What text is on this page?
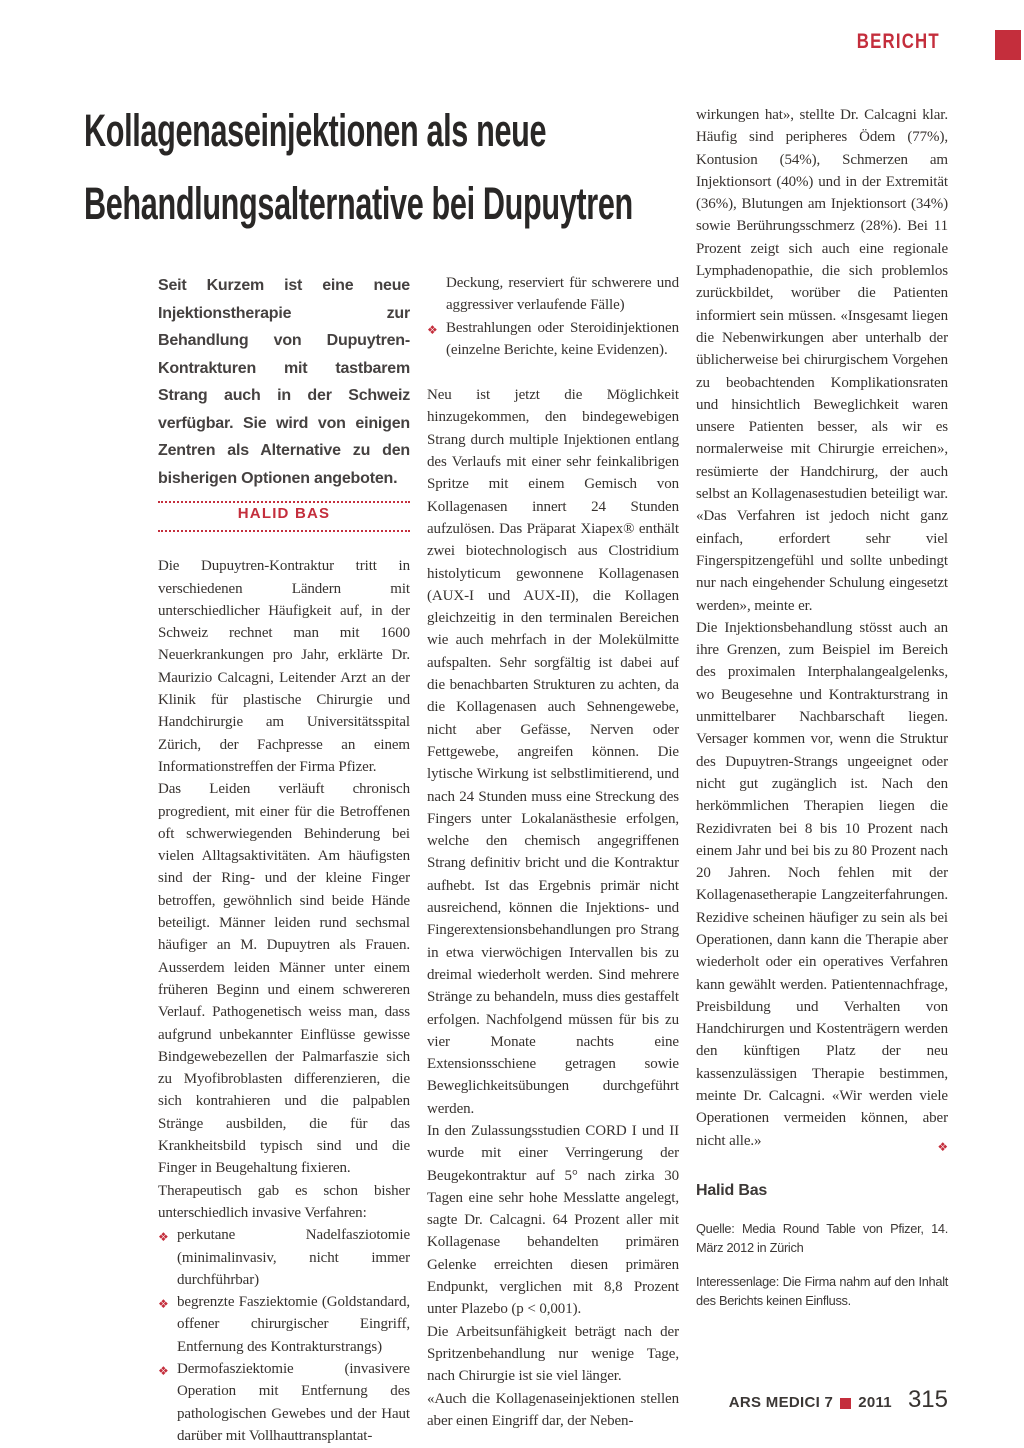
BERICHT
Kollagenaseinjektionen als neue
Behandlungsalternative bei Dupuytren

Seit Kurzem ist eine neue Injektionstherapie zur Behandlung von Dupuytren-Kontrakturen mit tastbarem Strang auch in der Schweiz verfügbar. Sie wird von einigen Zentren als Alternative zu den bisherigen Optionen angeboten.

HALID BAS

Die Dupuytren-Kontraktur tritt in verschiedenen Ländern mit unterschiedlicher Häufigkeit auf, in der Schweiz rechnet man mit 1600 Neuerkrankungen pro Jahr, erklärte Dr. Maurizio Calcagni, Leitender Arzt an der Klinik für plastische Chirurgie und Handchirurgie am Universitätsspital Zürich, der Fachpresse an einem Informationstreffen der Firma Pfizer.

Das Leiden verläuft chronisch progredient, mit einer für die Betroffenen oft schwerwiegenden Behinderung bei vielen Alltagsaktivitäten. Am häufigsten sind der Ring- und der kleine Finger betroffen, gewöhnlich sind beide Hände beteiligt. Männer leiden rund sechsmal häufiger an M. Dupuytren als Frauen. Ausserdem leiden Männer unter einem früheren Beginn und einem schwereren Verlauf. Pathogenetisch weiss man, dass aufgrund unbekannter Einflüsse gewisse Bindgewebezellen der Palmarfaszie sich zu Myofibroblasten differenzieren, die sich kontrahieren und die palpablen Stränge ausbilden, die für das Krankheitsbild typisch sind und die Finger in Beugehaltung fixieren.

Therapeutisch gab es schon bisher unterschiedlich invasive Verfahren:

❖ perkutane Nadelfasziotomie (minimalinvasiv, nicht immer durchführbar)
❖ begrenzte Fasziektomie (Goldstandard, offener chirurgischer Eingriff, Entfernung des Kontrakturstrangs)
❖ Dermofasziektomie (invasivere Operation mit Entfernung des pathologischen Gewebes und der Haut darüber mit Vollhauttransplantat-

Deckung, reserviert für schwerere und aggressiver verlaufende Fälle)

❖ Bestrahlungen oder Steroidinjektionen (einzelne Berichte, keine Evidenzen).

Neu ist jetzt die Möglichkeit hinzugekommen, den bindegewebigen Strang durch multiple Injektionen entlang des Verlaufs mit einer sehr feinkalibrigen Spritze mit einem Gemisch von Kollagenasen innert 24 Stunden aufzulösen. Das Präparat Xiapex® enthält zwei biotechnologisch aus Clostridium histolyticum gewonnene Kollagenasen (AUX-I und AUX-II), die Kollagen gleichzeitig in den terminalen Bereichen wie auch mehrfach in der Molekülmitte aufspalten. Sehr sorgfältig ist dabei auf die benachbarten Strukturen zu achten, da die Kollagenasen auch Sehnengewebe, nicht aber Gefässe, Nerven oder Fettgewebe, angreifen können. Die lytische Wirkung ist selbstlimitierend, und nach 24 Stunden muss eine Streckung des Fingers unter Lokalanästhesie erfolgen, welche den chemisch angegriffenen Strang definitiv bricht und die Kontraktur aufhebt. Ist das Ergebnis primär nicht ausreichend, können die Injektions- und Fingerextensionsbehandlungen pro Strang in etwa vierwöchigen Intervallen bis zu dreimal wiederholt werden. Sind mehrere Stränge zu behandeln, muss dies gestaffelt erfolgen. Nachfolgend müssen für bis zu vier Monate nachts eine Extensionsschiene getragen sowie Beweglichkeitsübungen durchgeführt werden.

In den Zulassungsstudien CORD I und II wurde mit einer Verringerung der Beugekontraktur auf 5° nach zirka 30 Tagen eine sehr hohe Messlatte angelegt, sagte Dr. Calcagni. 64 Prozent aller mit Kollagenase behandelten primären Gelenke erreichten diesen primären Endpunkt, verglichen mit 8,8 Prozent unter Plazebo (p < 0,001).

Die Arbeitsunfähigkeit beträgt nach der Spritzenbehandlung nur wenige Tage, nach Chirurgie ist sie viel länger.

«Auch die Kollagenaseinjektionen stellen aber einen Eingriff dar, der Neben-

wirkungen hat», stellte Dr. Calcagni klar. Häufig sind peripheres Ödem (77%), Kontusion (54%), Schmerzen am Injektionsort (40%) und in der Extremität (36%), Blutungen am Injektionsort (34%) sowie Berührungsschmerz (28%). Bei 11 Prozent zeigt sich auch eine regionale Lymphadenopathie, die sich problemlos zurückbildet, worüber die Patienten informiert sein müssen. «Insgesamt liegen die Nebenwirkungen aber unterhalb der üblicherweise bei chirurgischem Vorgehen zu beobachtenden Komplikationsraten und hinsichtlich Beweglichkeit waren unsere Patienten besser, als wir es normalerweise mit Chirurgie erreichen», resümierte der Handchirurg, der auch selbst an Kollagenasestudien beteiligt war. «Das Verfahren ist jedoch nicht ganz einfach, erfordert sehr viel Fingerspitzengefühl und sollte unbedingt nur nach eingehender Schulung eingesetzt werden», meinte er.

Die Injektionsbehandlung stösst auch an ihre Grenzen, zum Beispiel im Bereich des proximalen Interphalangealgelenks, wo Beugesehne und Kontrakturstrang in unmittelbarer Nachbarschaft liegen. Versager kommen vor, wenn die Struktur des Dupuytren-Strangs ungeeignet oder nicht gut zugänglich ist. Nach den herkömmlichen Therapien liegen die Rezidivraten bei 8 bis 10 Prozent nach einem Jahr und bei bis zu 80 Prozent nach 20 Jahren. Noch fehlen mit der Kollagenasetherapie Langzeiterfahrungen. Rezidive scheinen häufiger zu sein als bei Operationen, dann kann die Therapie aber wiederholt oder ein operatives Verfahren kann gewählt werden. Patientennachfrage, Preisbildung und Verhalten von Handchirurgen und Kostenträgern werden den künftigen Platz der neu kassenzulässigen Therapie bestimmen, meinte Dr. Calcagni. «Wir werden viele Operationen vermeiden können, aber nicht alle.»	❖

Halid Bas

Quelle: Media Round Table von Pfizer, 14. März 2012 in Zürich

Interessenlage: Die Firma nahm auf den Inhalt des Berichts keinen Einfluss.

ARS MEDICI 7 2011 315
